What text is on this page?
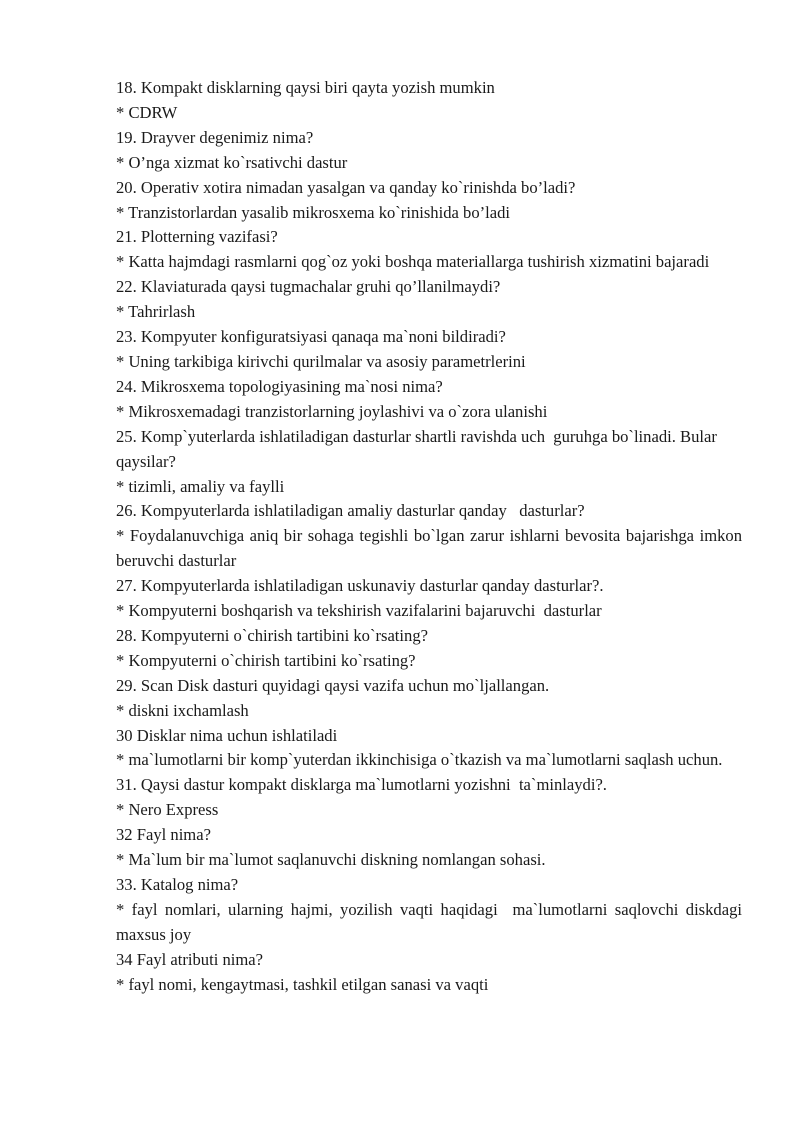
18. Kompakt disklarning qaysi biri qayta yozish mumkin

* CDRW

19. Drayver degenimiz nima?

* O’nga xizmat ko`rsativchi dastur

20. Operativ xotira nimadan yasalgan va qanday ko`rinishda bo’ladi?

* Tranzistorlardan yasalib mikrosxema ko`rinishida bo’ladi

21. Plotterning vazifasi?

* Katta hajmdagi rasmlarni qog`oz yoki boshqa materiallarga tushirish xizmatini bajaradi

22. Klaviaturada qaysi tugmachalar gruhi qo’llanilmaydi?

* Tahrirlash

23. Kompyuter konfiguratsiyasi qanaqa ma`noni bildiradi?

* Uning tarkibiga kirivchi qurilmalar va asosiy parametrlerini

24. Mikrosxema topologiyasining ma`nosi nima?

* Mikrosxemadagi tranzistorlarning joylashivi va o`zora ulanishi

25. Komp`yuterlarda ishlatiladigan dasturlar shartli ravishda uch  guruhga bo`linadi. Bular qaysilar?

* tizimli, amaliy va faylli

26. Kompyuterlarda ishlatiladigan amaliy dasturlar qanday   dasturlar?

* Foydalanuvchiga aniq bir sohaga tegishli bo`lgan zarur ishlarni bevosita bajarishga imkon beruvchi dasturlar

27. Kompyuterlarda ishlatiladigan uskunaviy dasturlar qanday dasturlar?.

* Kompyuterni boshqarish va tekshirish vazifalarini bajaruvchi  dasturlar

28. Kompyuterni o`chirish tartibini ko`rsating?

* Kompyuterni o`chirish tartibini ko`rsating?

29. Scan Disk dasturi quyidagi qaysi vazifa uchun mo`ljallangan.

* diskni ixchamlash

30 Disklar nima uchun ishlatiladi

* ma`lumotlarni bir komp`yuterdan ikkinchisiga o`tkazish va ma`lumotlarni saqlash uchun.

31. Qaysi dastur kompakt disklarga ma`lumotlarni yozishni  ta`minlaydi?.

* Nero Express

32 Fayl nima?

* Ma`lum bir ma`lumot saqlanuvchi diskning nomlangan sohasi.

33. Katalog nima?

* fayl nomlari, ularning hajmi, yozilish vaqti haqidagi  ma`lumotlarni saqlovchi diskdagi maxsus joy

34 Fayl atributi nima?

* fayl nomi, kengaytmasi, tashkil etilgan sanasi va vaqti
